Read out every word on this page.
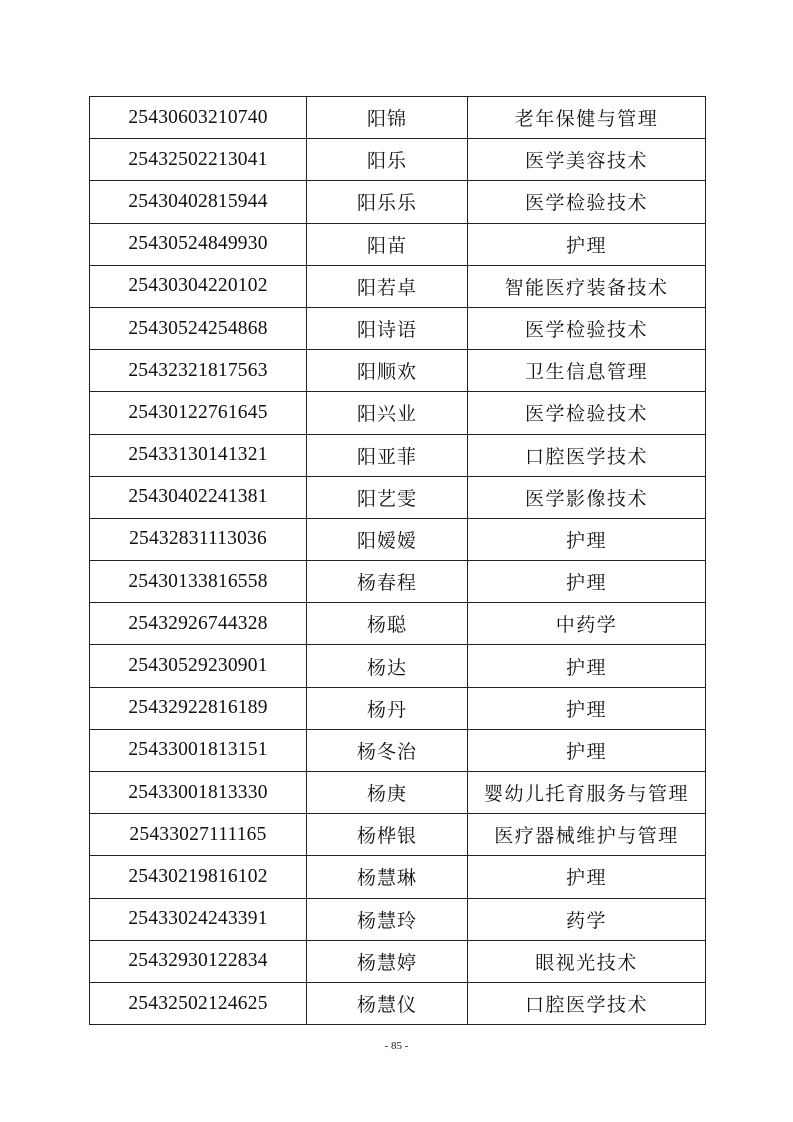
25430603210740	阳锦	老年保健与管理
25432502213041	阳乐	医学美容技术
25430402815944	阳乐乐	医学检验技术
25430524849930	阳苗	护理
25430304220102	阳若卓	智能医疗装备技术
25430524254868	阳诗语	医学检验技术
25432321817563	阳顺欢	卫生信息管理
25430122761645	阳兴业	医学检验技术
25433130141321	阳亚菲	口腔医学技术
25430402241381	阳艺雯	医学影像技术
25432831113036	阳嫒嫒	护理
25430133816558	杨春程	护理
25432926744328	杨聪	中药学
25430529230901	杨达	护理
25432922816189	杨丹	护理
25433001813151	杨冬治	护理
25433001813330	杨庚	婴幼儿托育服务与管理
25433027111165	杨桦银	医疗器械维护与管理
25430219816102	杨慧琳	护理
25433024243391	杨慧玲	药学
25432930122834	杨慧婷	眼视光技术
25432502124625	杨慧仪	口腔医学技术
- 85 -
